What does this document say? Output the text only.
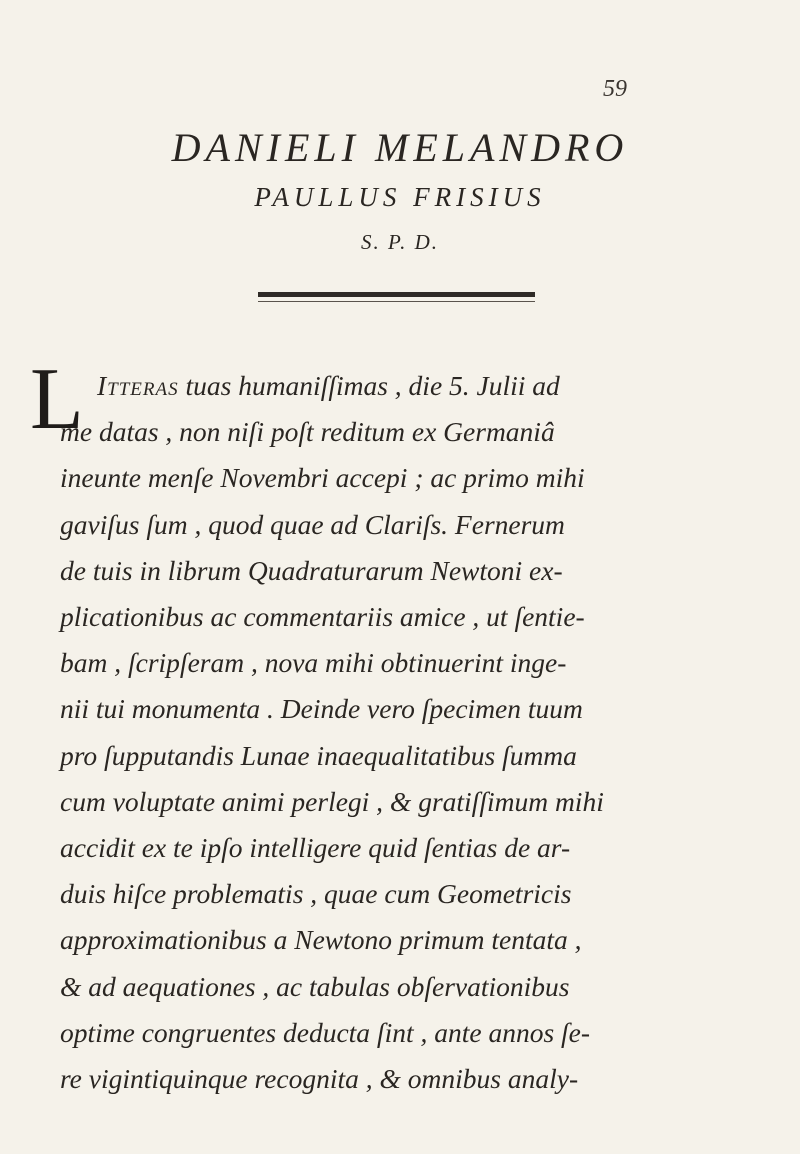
59
DANIELI MELANDRO
PAULLUS FRISIUS
S. P. D.
L Itteras tuas humaniſſimas , die 5. Julii ad
me datas , non niſi poſt reditum ex Germaniâ
ineunte menſe Novembri accepi ; ac primo mihi
gaviſus ſum , quod quae ad Clariſs. Fernerum
de tuis in librum Quadraturarum Newtoni ex-
plicationibus ac commentariis amice , ut ſentie-
bam , ſcripſeram , nova mihi obtinuerint inge-
nii tui monumenta . Deinde vero ſpecimen tuum
pro ſupputandis Lunae inaequalitatibus ſumma
cum voluptate animi perlegi , & gratiſſimum mihi
accidit ex te ipſo intelligere quid ſentias de ar-
duis hiſce problematis , quae cum Geometricis
approximationibus a Newtono primum tentata ,
& ad aequationes , ac tabulas obſervationibus
optime congruentes deducta ſint , ante annos ſe-
re vigintiquinque recognita , & omnibus analy-
